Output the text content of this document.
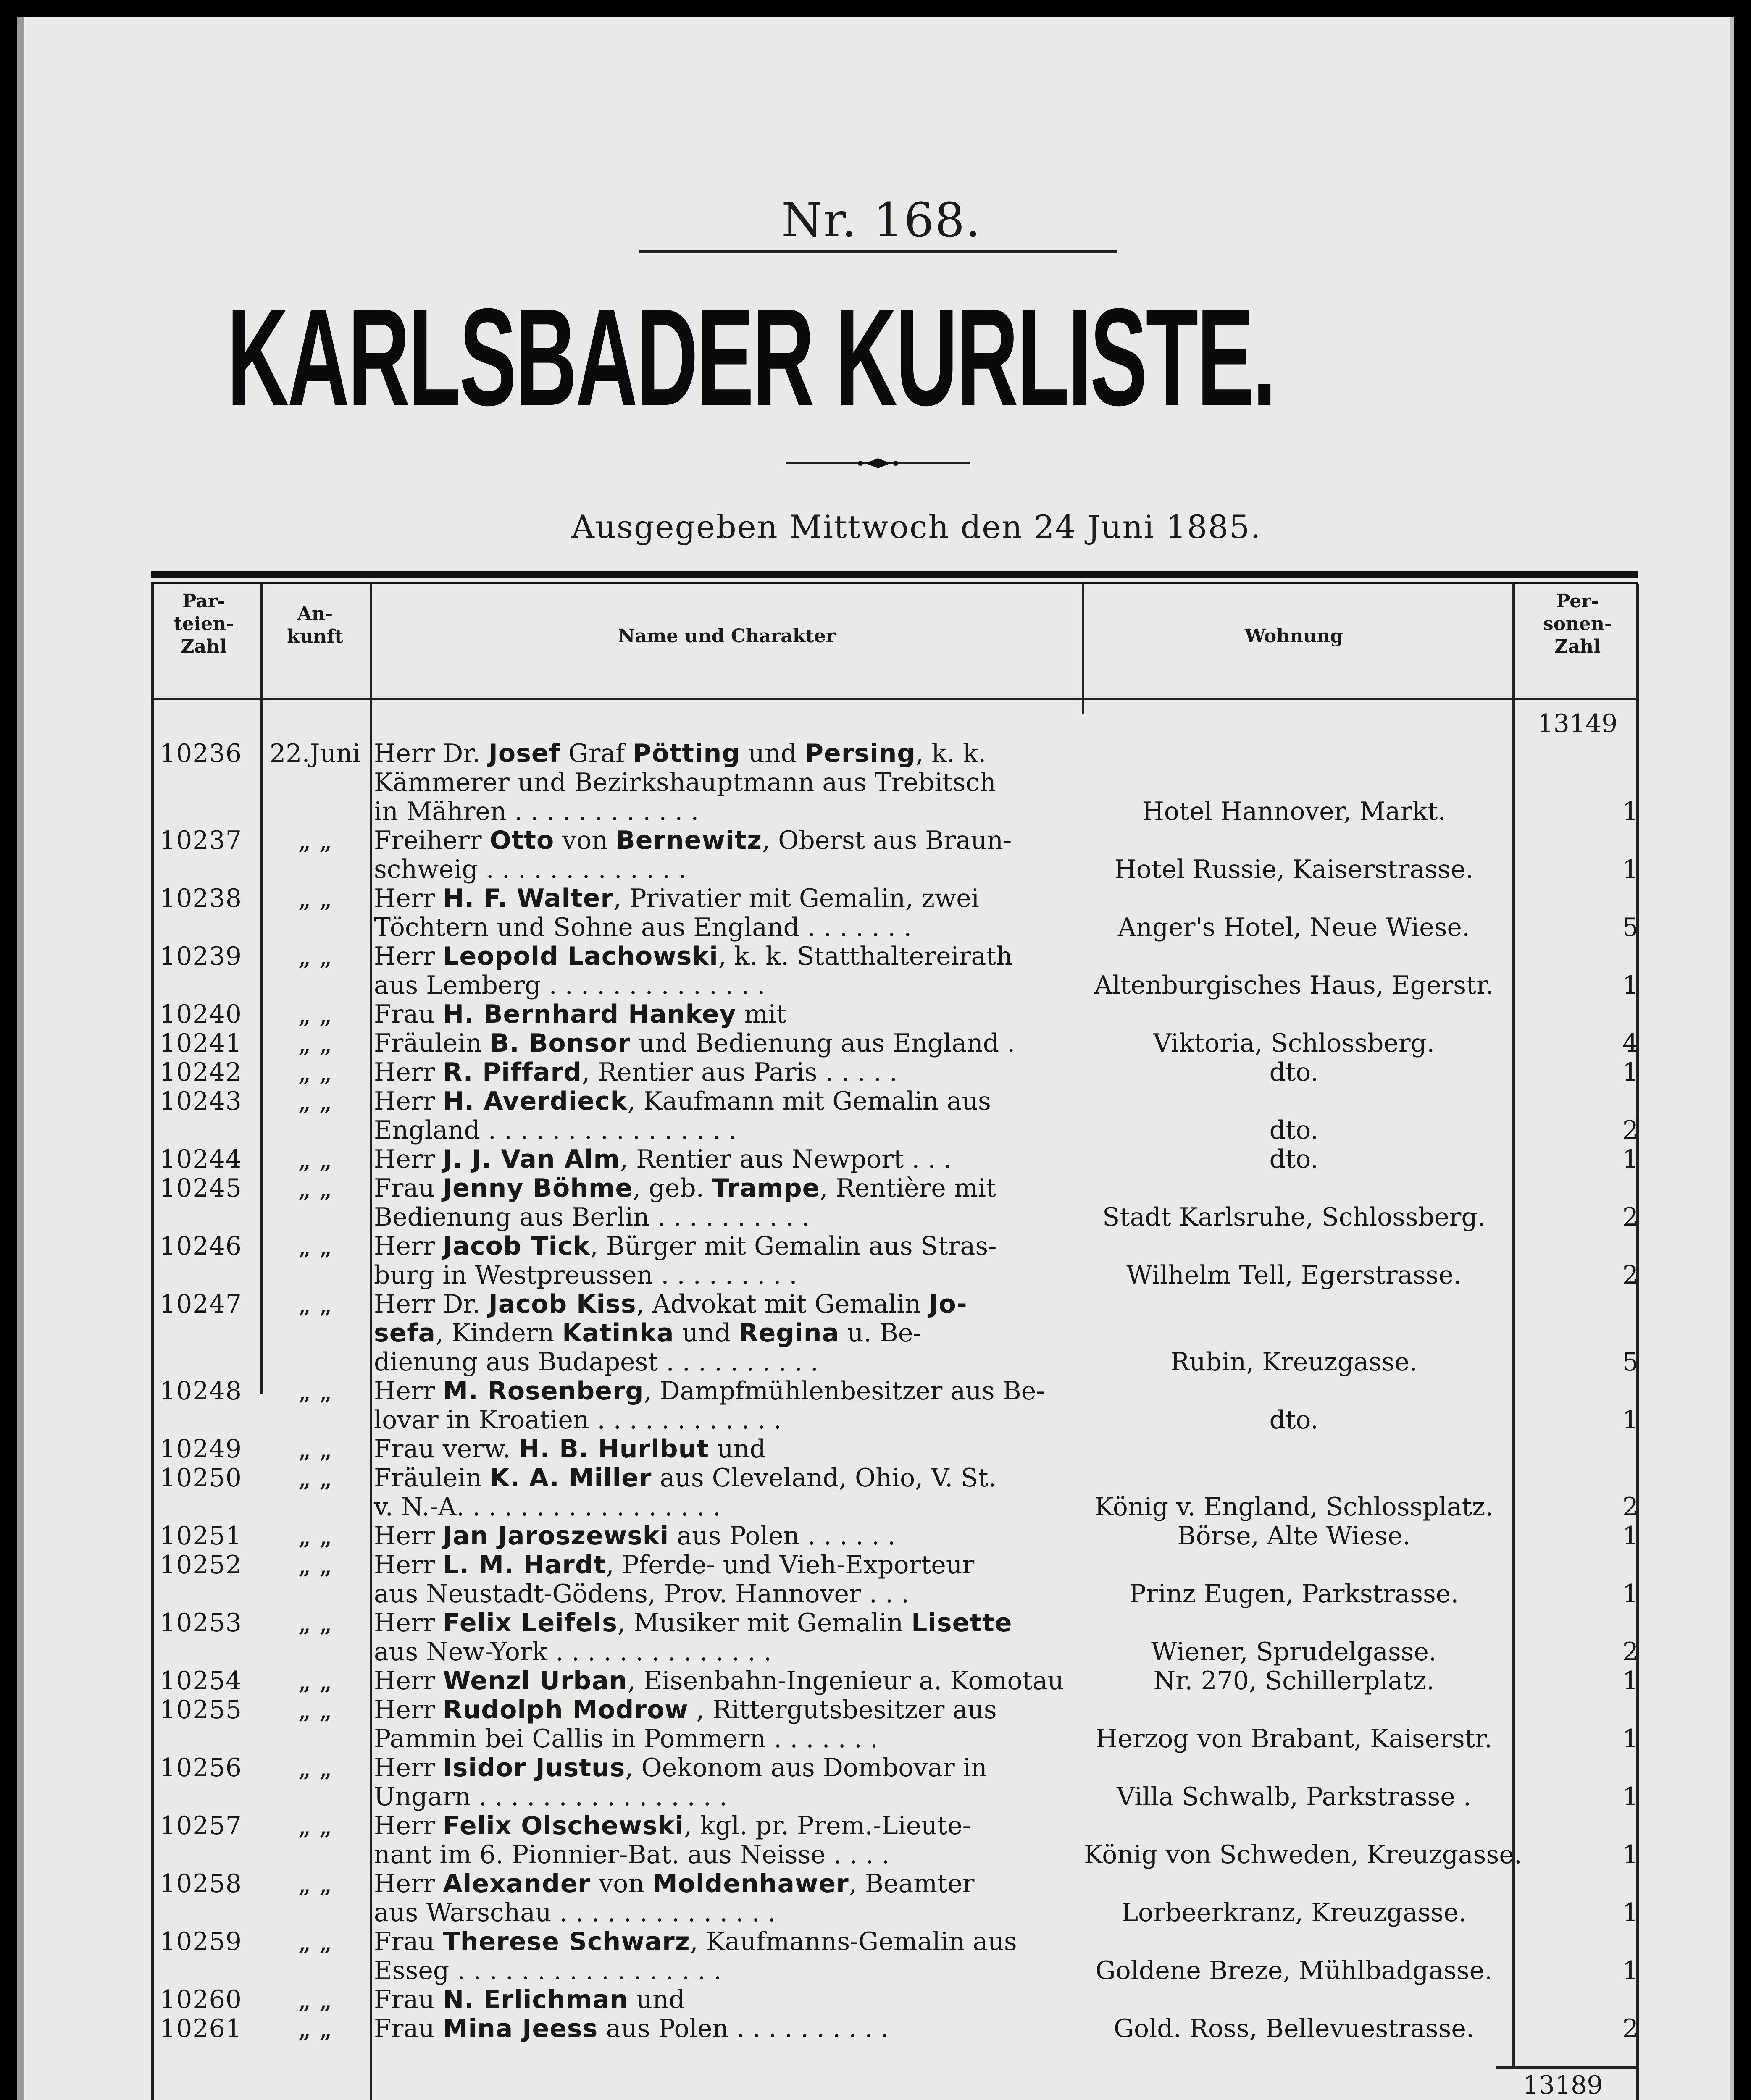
Nr. 168.
KARLSBADER KURLISTE.
Ausgegeben Mittwoch den 24 Juni 1885.
Par-
teien-
Zahl
An-
kunft	Name und Charakter	Wohnung
Per-
sonen-
Zahl
13149
10236	22.Juni Herr Dr. Josef Graf Pötting und Persing, k. k.
Kämmerer und Bezirkshauptmann aus Trebitsch
in Mähren . . . . . . . . . . . .	Hotel Hannover, Markt.	1
10237	„ „	Freiherr Otto von Bernewitz, Oberst aus Braun-
schweig . . . . . . . . . . . . .	Hotel Russie, Kaiserstrasse.	1
10238	„ „	Herr H. F. Walter, Privatier mit Gemalin, zwei
Töchtern und Sohne aus England . . . . . . .	Anger's Hotel, Neue Wiese.	5
10239	„ „	Herr Leopold Lachowski, k. k. Statthaltereirath
aus Lemberg . . . . . . . . . . . . . .	Altenburgisches Haus, Egerstr.	1
10240	„ „	Frau H. Bernhard Hankey mit
10241	„ „	Fräulein B. Bonsor und Bedienung aus England .	Viktoria, Schlossberg.	4
10242	„ „	Herr R. Piffard, Rentier aus Paris . . . . .	dto.	1
10243	„ „	Herr H. Averdieck, Kaufmann mit Gemalin aus
England . . . . . . . . . . . . . . . .	dto.	2
10244	„ „	Herr J. J. Van Alm, Rentier aus Newport . . .	dto.	1
10245	„ „	Frau Jenny Böhme, geb. Trampe, Rentière mit
Bedienung aus Berlin . . . . . . . . . .	Stadt Karlsruhe, Schlossberg.	2
10246	„ „	Herr Jacob Tick, Bürger mit Gemalin aus Stras-
burg in Westpreussen . . . . . . . . .	Wilhelm Tell, Egerstrasse.	2
10247	„ „	Herr Dr. Jacob Kiss, Advokat mit Gemalin Jo-
sefa, Kindern Katinka und Regina u. Be-
dienung aus Budapest . . . . . . . . . .	Rubin, Kreuzgasse.	5
10248	„ „	Herr M. Rosenberg, Dampfmühlenbesitzer aus Be-
lovar in Kroatien . . . . . . . . . . . .	dto.	1
10249	„ „	Frau verw. H. B. Hurlbut und
10250	„ „	Fräulein K. A. Miller aus Cleveland, Ohio, V. St.
v. N.-A. . . . . . . . . . . . . . . . .	König v. England, Schlossplatz.	2
10251	„ „	Herr Jan Jaroszewski aus Polen . . . . . .	Börse, Alte Wiese.	1
10252	„ „	Herr L. M. Hardt, Pferde- und Vieh-Exporteur
aus Neustadt-Gödens, Prov. Hannover . . .	Prinz Eugen, Parkstrasse.	1
10253	„ „	Herr Felix Leifels, Musiker mit Gemalin Lisette
aus New-York . . . . . . . . . . . . . .	Wiener, Sprudelgasse.	2
10254	„ „	Herr Wenzl Urban, Eisenbahn-Ingenieur a. Komotau	Nr. 270, Schillerplatz.	1
10255	„ „	Herr Rudolph Modrow , Rittergutsbesitzer aus
Pammin bei Callis in Pommern . . . . . . .	Herzog von Brabant, Kaiserstr.	1
10256	„ „	Herr Isidor Justus, Oekonom aus Dombovar in
Ungarn . . . . . . . . . . . . . . . .	Villa Schwalb, Parkstrasse .	1
10257	„ „	Herr Felix Olschewski, kgl. pr. Prem.-Lieute-
nant im 6. Pionnier-Bat. aus Neisse . . . .	König von Schweden, Kreuzgasse.	1
10258	„ „	Herr Alexander von Moldenhawer, Beamter
aus Warschau . . . . . . . . . . . . . .	Lorbeerkranz, Kreuzgasse.	1
10259	„ „	Frau Therese Schwarz, Kaufmanns-Gemalin aus
Esseg . . . . . . . . . . . . . . . . .	Goldene Breze, Mühlbadgasse.	1
10260	„ „	Frau N. Erlichman und
10261	„ „	Frau Mina Jeess aus Polen . . . . . . . . . .	Gold. Ross, Bellevuestrasse.	2
13189
